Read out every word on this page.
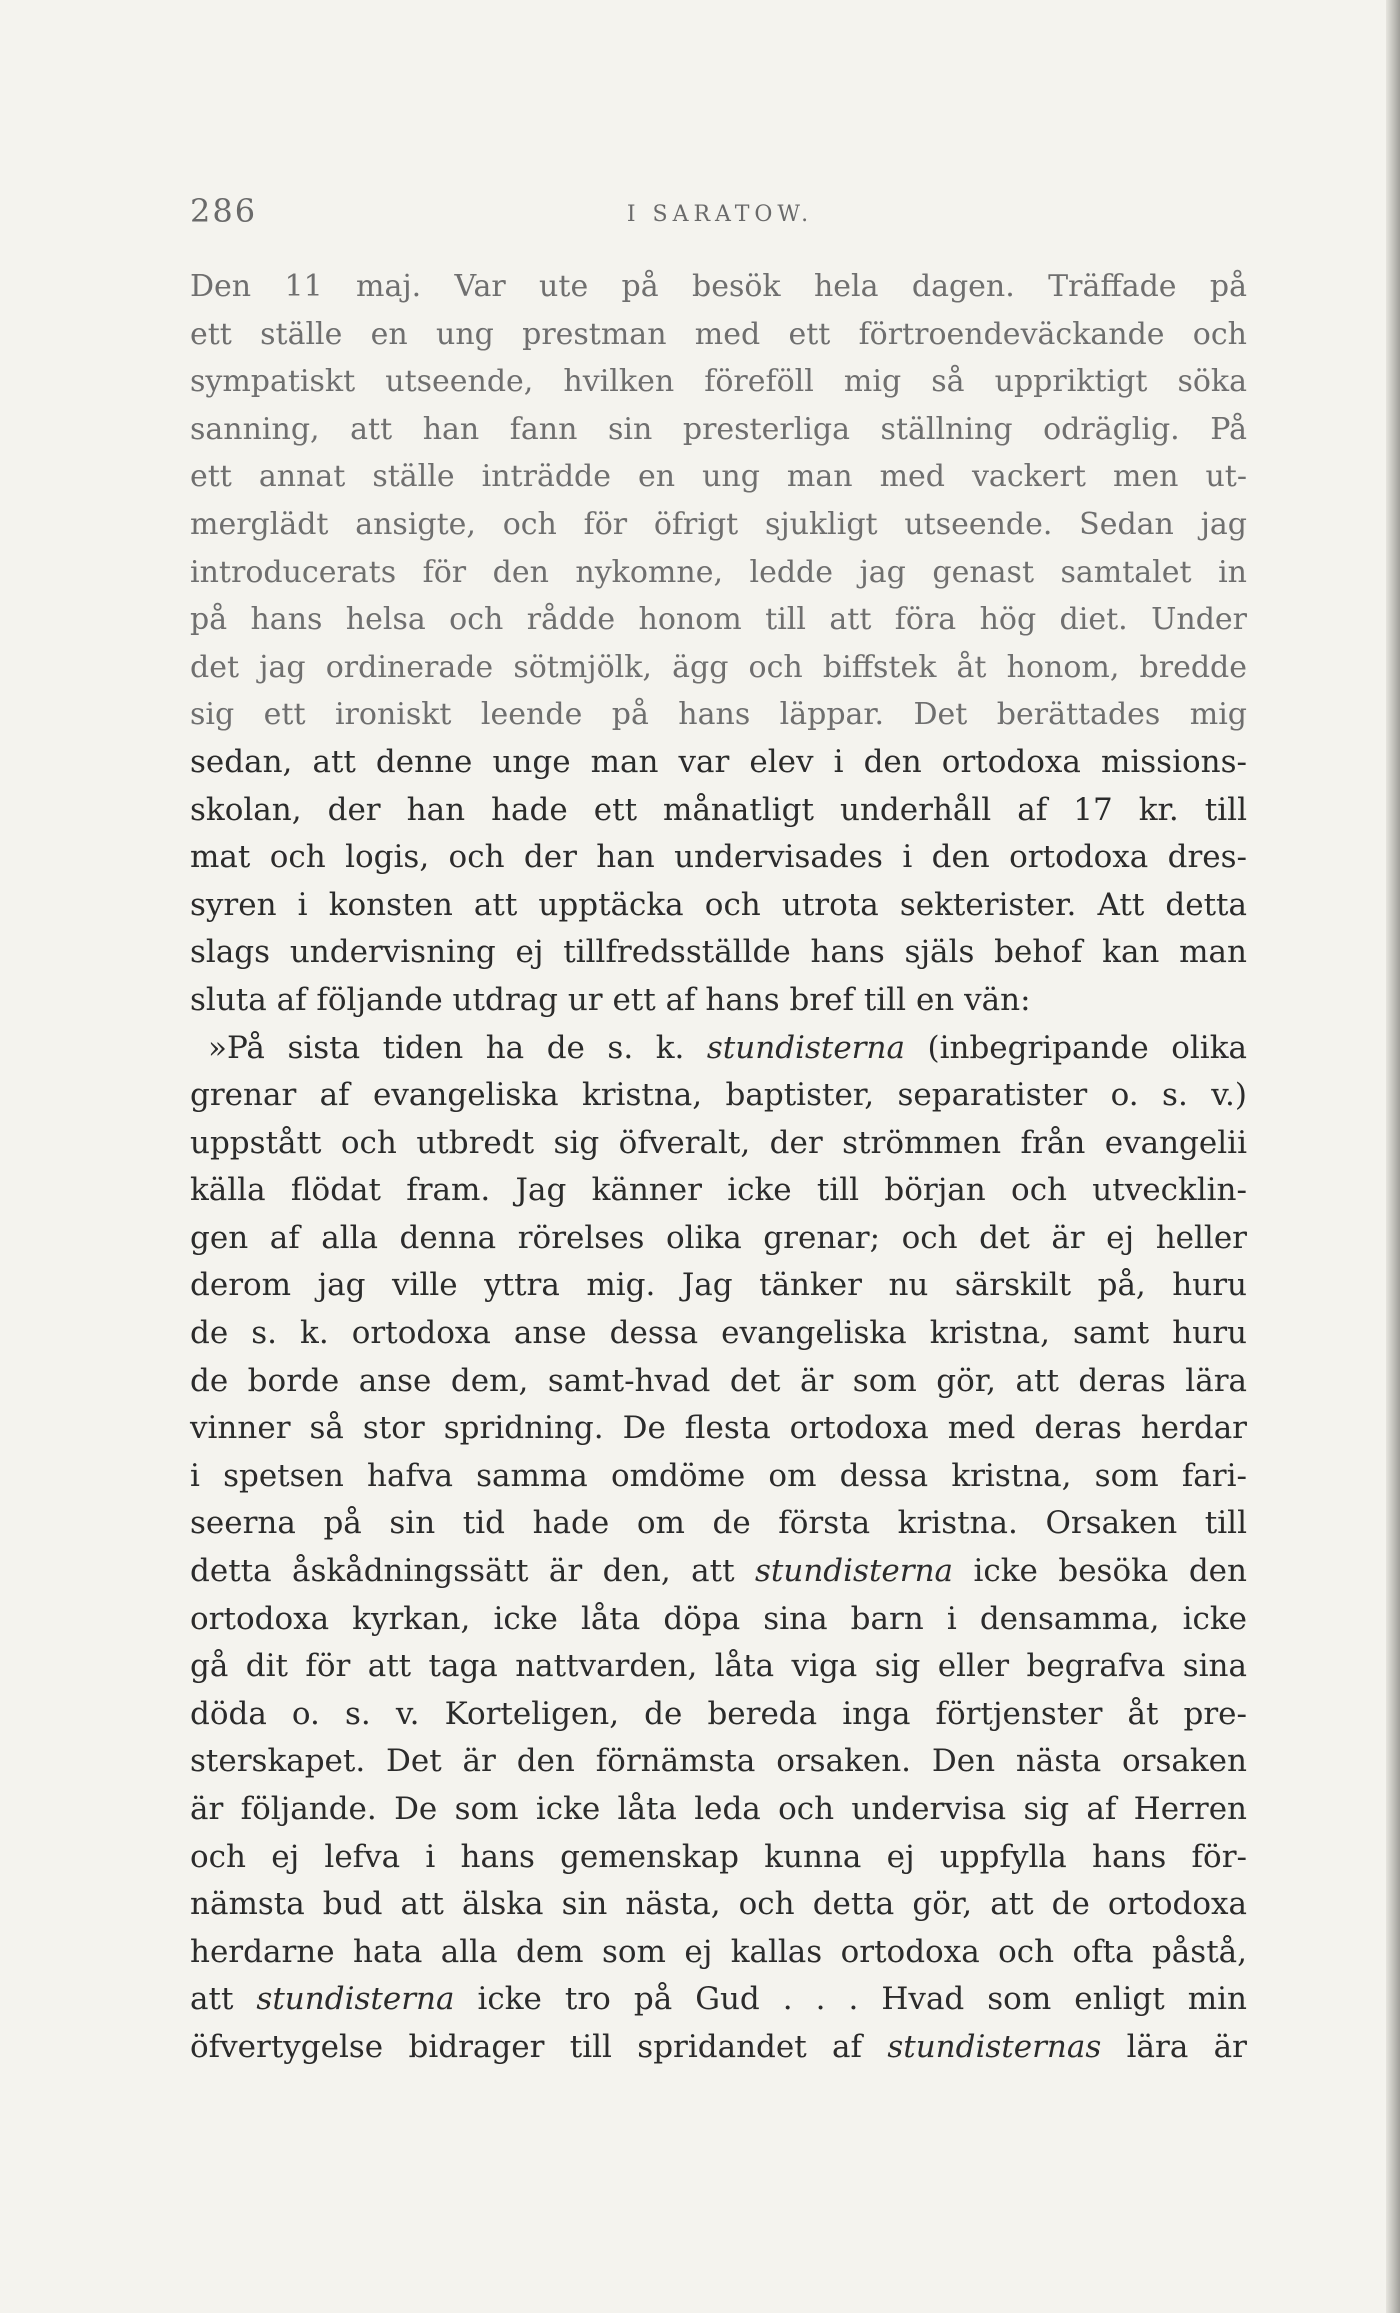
286	I SARATOW.
Den 11 maj. Var ute på besök hela dagen. Träffade på
ett ställe en ung prestman med ett förtroendeväckande och
sympatiskt utseende, hvilken föreföll mig så uppriktigt söka
sanning, att han fann sin presterliga ställning odräglig. På
ett annat ställe inträdde en ung man med vackert men ut-
merglädt ansigte, och för öfrigt sjukligt utseende. Sedan jag
introducerats för den nykomne, ledde jag genast samtalet in
på hans helsa och rådde honom till att föra hög diet. Under
det jag ordinerade sötmjölk, ägg och biffstek åt honom, bredde
sig ett ironiskt leende på hans läppar. Det berättades mig
sedan, att denne unge man var elev i den ortodoxa missions-
skolan, der han hade ett månatligt underhåll af 17 kr. till
mat och logis, och der han undervisades i den ortodoxa dres-
syren i konsten att upptäcka och utrota sekterister. Att detta
slags undervisning ej tillfredsställde hans själs behof kan man
sluta af följande utdrag ur ett af hans bref till en vän:
»På sista tiden ha de s. k. stundisterna (inbegripande olika
grenar af evangeliska kristna, baptister, separatister o. s. v.)
uppstått och utbredt sig öfveralt, der strömmen från evangelii
källa flödat fram. Jag känner icke till början och utvecklin-
gen af alla denna rörelses olika grenar; och det är ej heller
derom jag ville yttra mig. Jag tänker nu särskilt på, huru
de s. k. ortodoxa anse dessa evangeliska kristna, samt huru
de borde anse dem, samt-hvad det är som gör, att deras lära
vinner så stor spridning. De flesta ortodoxa med deras herdar
i spetsen hafva samma omdöme om dessa kristna, som fari-
seerna på sin tid hade om de första kristna. Orsaken till
detta åskådningssätt är den, att stundisterna icke besöka den
ortodoxa kyrkan, icke låta döpa sina barn i densamma, icke
gå dit för att taga nattvarden, låta viga sig eller begrafva sina
döda o. s. v. Korteligen, de bereda inga förtjenster åt pre-
sterskapet. Det är den förnämsta orsaken. Den nästa orsaken
är följande. De som icke låta leda och undervisa sig af Herren
och ej lefva i hans gemenskap kunna ej uppfylla hans för-
nämsta bud att älska sin nästa, och detta gör, att de ortodoxa
herdarne hata alla dem som ej kallas ortodoxa och ofta påstå,
att stundisterna icke tro på Gud . . . Hvad som enligt min
öfvertygelse bidrager till spridandet af stundisternas lära är
